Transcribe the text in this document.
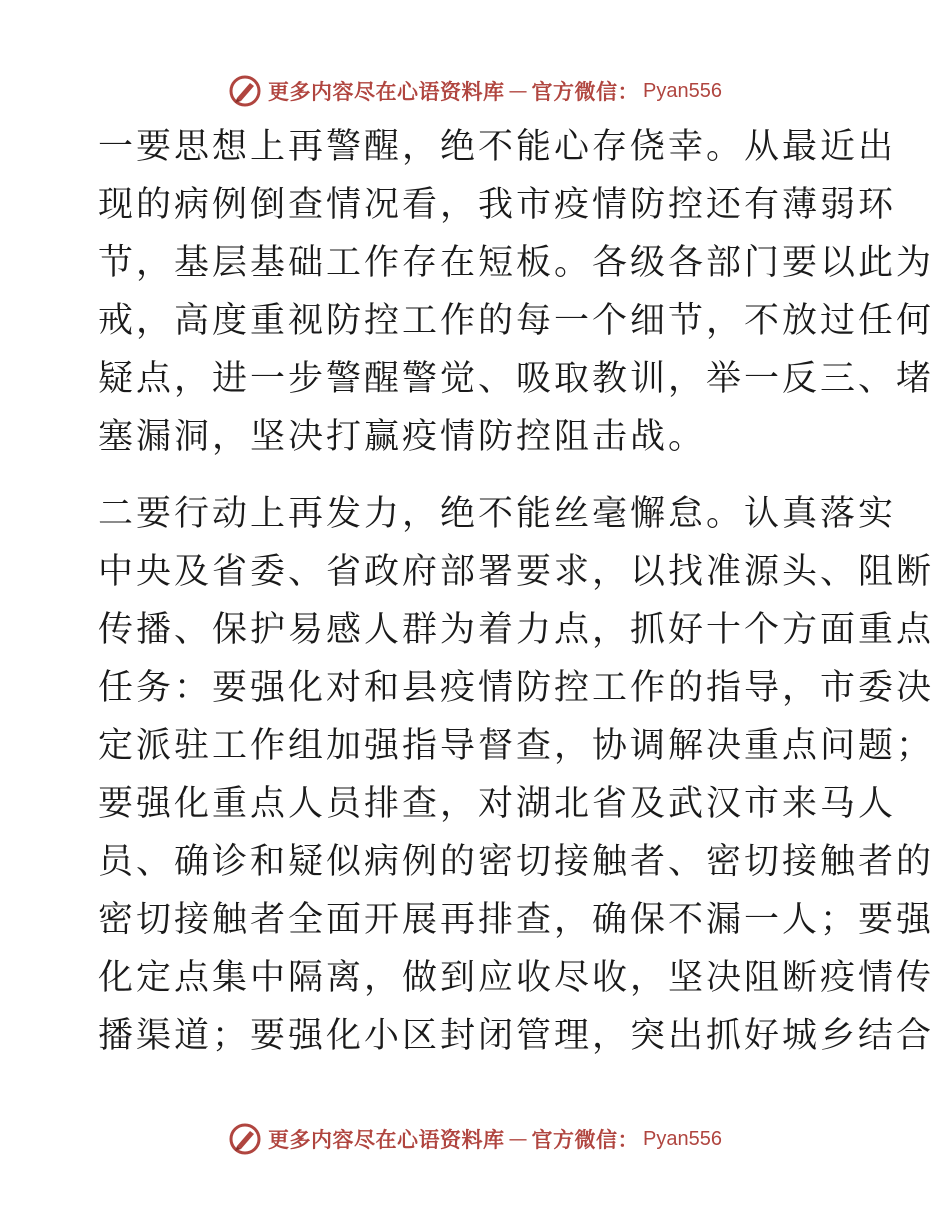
更多内容尽在心语资料库 — 官方微信： Pyan556
一要思想上再警醒，绝不能心存侥幸。从最近出
现的病例倒查情况看，我市疫情防控还有薄弱环
节，基层基础工作存在短板。各级各部门要以此为
戒，高度重视防控工作的每一个细节，不放过任何
疑点，进一步警醒警觉、吸取教训，举一反三、堵
塞漏洞，坚决打赢疫情防控阻击战。
二要行动上再发力，绝不能丝毫懈怠。认真落实
中央及省委、省政府部署要求，以找准源头、阻断
传播、保护易感人群为着力点，抓好十个方面重点
任务：要强化对和县疫情防控工作的指导，市委决
定派驻工作组加强指导督查，协调解决重点问题；
要强化重点人员排查，对湖北省及武汉市来马人
员、确诊和疑似病例的密切接触者、密切接触者的
密切接触者全面开展再排查，确保不漏一人；要强
化定点集中隔离，做到应收尽收，坚决阻断疫情传
播渠道；要强化小区封闭管理，突出抓好城乡结合
更多内容尽在心语资料库 — 官方微信： Pyan556
